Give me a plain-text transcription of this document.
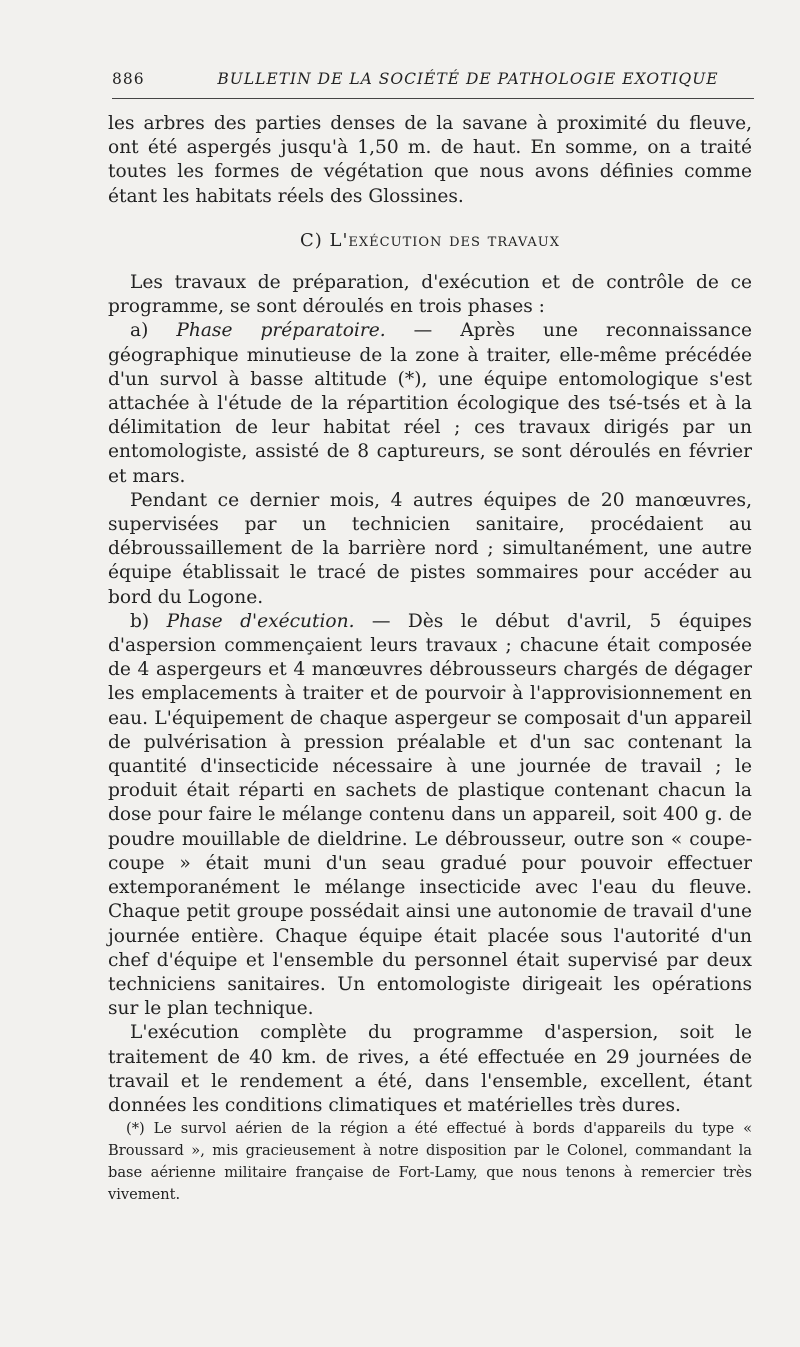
886	BULLETIN DE LA SOCIÉTÉ DE PATHOLOGIE EXOTIQUE

les arbres des parties denses de la savane à proximité du fleuve, ont été aspergés jusqu'à 1,50 m. de haut. En somme, on a traité toutes les formes de végétation que nous avons définies comme étant les habitats réels des Glossines.

C) L'exécution des travaux

Les travaux de préparation, d'exécution et de contrôle de ce programme, se sont déroulés en trois phases :

a) Phase préparatoire. — Après une reconnaissance géographique minutieuse de la zone à traiter, elle-même précédée d'un survol à basse altitude (*), une équipe entomologique s'est attachée à l'étude de la répartition écologique des tsé-tsés et à la délimitation de leur habitat réel ; ces travaux dirigés par un entomologiste, assisté de 8 captureurs, se sont déroulés en février et mars.

Pendant ce dernier mois, 4 autres équipes de 20 manœuvres, supervisées par un technicien sanitaire, procédaient au débroussaillement de la barrière nord ; simultanément, une autre équipe établissait le tracé de pistes sommaires pour accéder au bord du Logone.

b) Phase d'exécution. — Dès le début d'avril, 5 équipes d'aspersion commençaient leurs travaux ; chacune était composée de 4 aspergeurs et 4 manœuvres débrousseurs chargés de dégager les emplacements à traiter et de pourvoir à l'approvisionnement en eau. L'équipement de chaque aspergeur se composait d'un appareil de pulvérisation à pression préalable et d'un sac contenant la quantité d'insecticide nécessaire à une journée de travail ; le produit était réparti en sachets de plastique contenant chacun la dose pour faire le mélange contenu dans un appareil, soit 400 g. de poudre mouillable de dieldrine. Le débrousseur, outre son « coupe-coupe » était muni d'un seau gradué pour pouvoir effectuer extemporanément le mélange insecticide avec l'eau du fleuve. Chaque petit groupe possédait ainsi une autonomie de travail d'une journée entière. Chaque équipe était placée sous l'autorité d'un chef d'équipe et l'ensemble du personnel était supervisé par deux techniciens sanitaires. Un entomologiste dirigeait les opérations sur le plan technique.

L'exécution complète du programme d'aspersion, soit le traitement de 40 km. de rives, a été effectuée en 29 journées de travail et le rendement a été, dans l'ensemble, excellent, étant données les conditions climatiques et matérielles très dures.

(*) Le survol aérien de la région a été effectué à bords d'appareils du type « Broussard », mis gracieusement à notre disposition par le Colonel, commandant la base aérienne militaire française de Fort-Lamy, que nous tenons à remercier très vivement.
